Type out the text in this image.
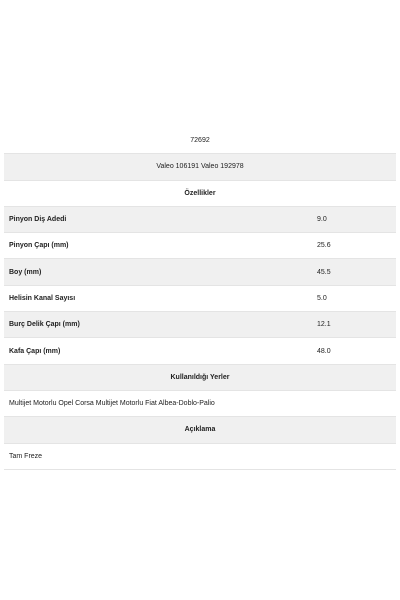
72692
Valeo 106191 Valeo 192978
Özellikler
Pinyon Diş Adedi	9.0
Pinyon Çapı (mm)	25.6
Boy (mm)	45.5
Helisin Kanal Sayısı	5.0
Burç Delik Çapı (mm)	12.1
Kafa Çapı (mm)	48.0
Kullanıldığı Yerler
Multijet Motorlu Opel Corsa Multijet Motorlu Fiat Albea-Doblo-Palio
Açıklama
Tam Freze
